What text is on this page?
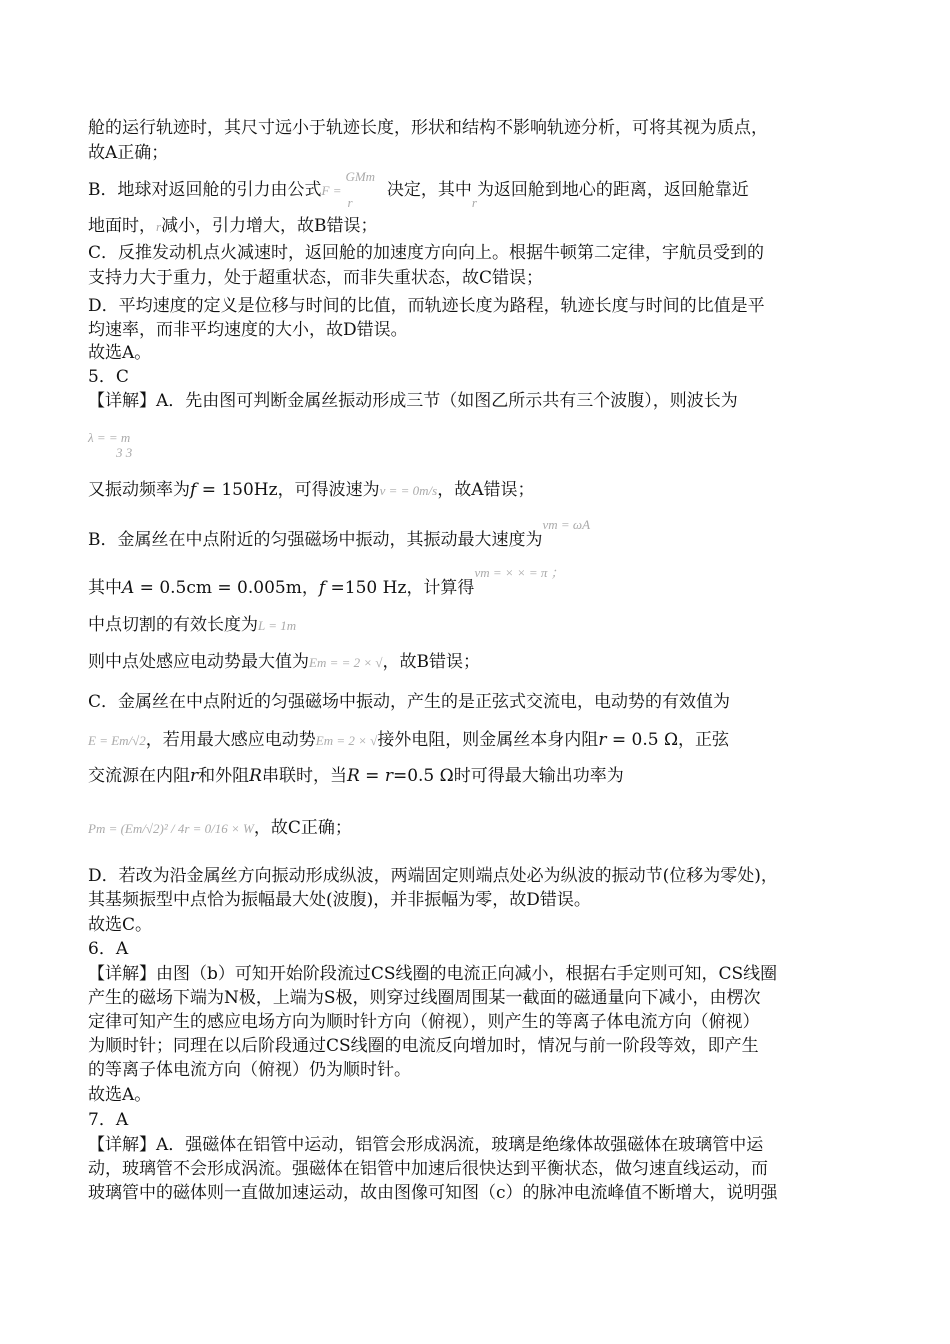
舱的运行轨迹时，其尺寸远小于轨迹长度，形状和结构不影响轨迹分析，可将其视为质点，
故A正确；
B．地球对返回舱的引力由公式F =
GMm
r
决定，其中$_r$为返回舱到地心的距离，返回舱靠近
地面时，r减小，引力增大，故B错误；
C．反推发动机点火减速时，返回舱的加速度方向向上。根据牛顿第二定律，宇航员受到的
支持力大于重力，处于超重状态，而非失重状态，故C错误；
D．平均速度的定义是位移与时间的比值，而轨迹长度为路程，轨迹长度与时间的比值是平
均速率，而非平均速度的大小，故D错误。
故选A。
5．C
【详解】A．先由图可判断金属丝振动形成三节（如图乙所示共有三个波腹），则波长为
λ = = m
3 3
又振动频率为f = 150Hz，可得波速为v = = 0m/s，故A错误；
B．金属丝在中点附近的匀强磁场中振动，其振动最大速度为$^{vm = \omega A}$
其中A = 0.5cm = 0.005m，f =150 Hz，计算得$^{vm = \times \times = \pi ;}$
中点切割的有效长度为L = 1m
则中点处感应电动势最大值为Em = = 2 × √，故B错误；
C．金属丝在中点附近的匀强磁场中振动，产生的是正弦式交流电，电动势的有效值为
E = Em/√2，若用最大感应电动势Em = 2 × √接外电阻，则金属丝本身内阻r = 0.5 Ω，正弦
交流源在内阻r和外阻R串联时，当R = r=0.5 Ω时可得最大输出功率为
Pm = (Em/√2)² / 4r = 0/16 × W，故C正确；
D．若改为沿金属丝方向振动形成纵波，两端固定则端点处必为纵波的振动节(位移为零处)，
其基频振型中点恰为振幅最大处(波腹)，并非振幅为零，故D错误。
故选C。
6．A
【详解】由图（b）可知开始阶段流过CS线圈的电流正向减小，根据右手定则可知，CS线圈
产生的磁场下端为N极，上端为S极，则穿过线圈周围某一截面的磁通量向下减小，由楞次
定律可知产生的感应电场方向为顺时针方向（俯视），则产生的等离子体电流方向（俯视）
为顺时针；同理在以后阶段通过CS线圈的电流反向增加时，情况与前一阶段等效，即产生
的等离子体电流方向（俯视）仍为顺时针。
故选A。
7．A
【详解】A．强磁体在铝管中运动，铝管会形成涡流，玻璃是绝缘体故强磁体在玻璃管中运
动，玻璃管不会形成涡流。强磁体在铝管中加速后很快达到平衡状态，做匀速直线运动，而
玻璃管中的磁体则一直做加速运动，故由图像可知图（c）的脉冲电流峰值不断增大，说明强
